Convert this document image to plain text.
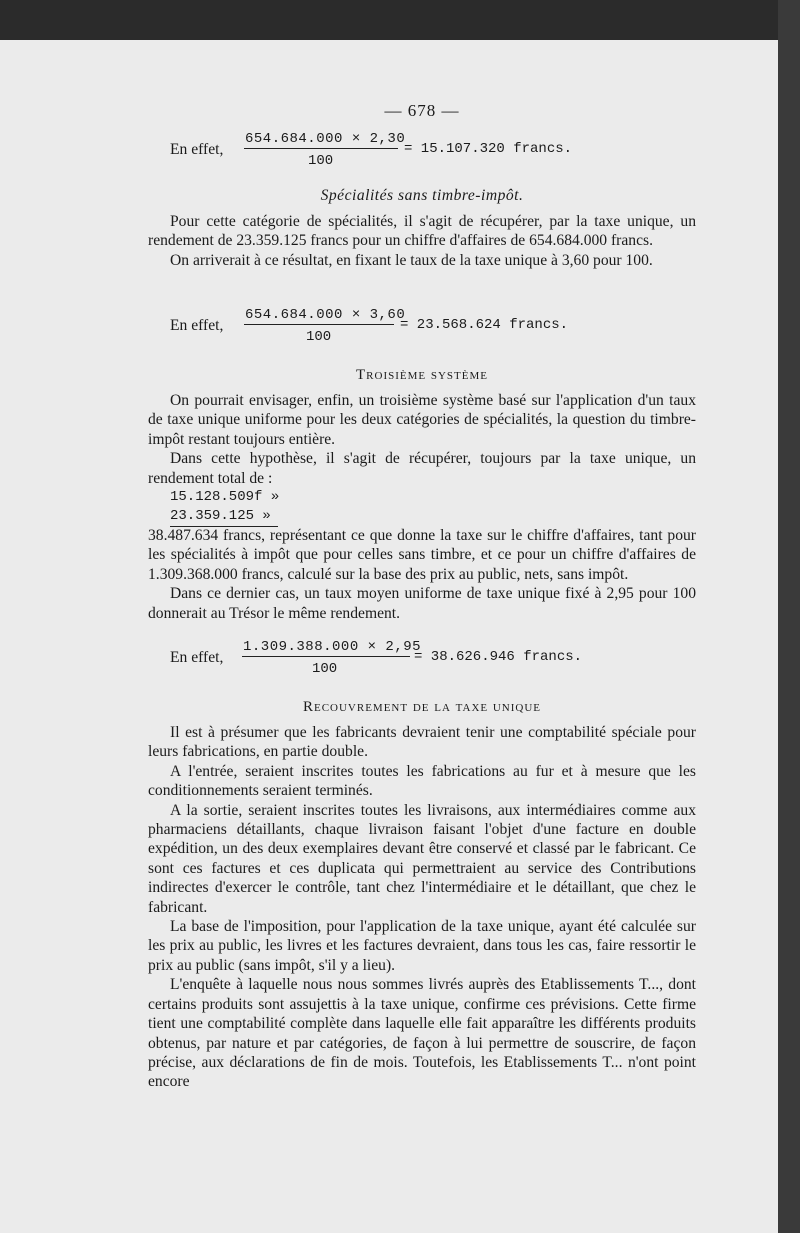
— 678 —
En effet,
654.684.000 × 2,30
100
= 15.107.320 francs.

Spécialités sans timbre-impôt.

Pour cette catégorie de spécialités, il s'agit de récupérer, par la taxe unique, un rendement de 23.359.125 francs pour un chiffre d'affaires de 654.684.000 francs.

On arriverait à ce résultat, en fixant le taux de la taxe unique à 3,60 pour 100.

En effet,
654.684.000 × 3,60
100
= 23.568.624 francs.

Troisième système

On pourrait envisager, enfin, un troisième système basé sur l'application d'un taux de taxe unique uniforme pour les deux catégories de spécialités, la question du timbre-impôt restant toujours entière.

Dans cette hypothèse, il s'agit de récupérer, toujours par la taxe unique, un rendement total de :

15.128.509f »
23.359.125 »

38.487.634 francs, représentant ce que donne la taxe sur le chiffre d'affaires, tant pour les spécialités à impôt que pour celles sans timbre, et ce pour un chiffre d'affaires de 1.309.368.000 francs, calculé sur la base des prix au public, nets, sans impôt.

Dans ce dernier cas, un taux moyen uniforme de taxe unique fixé à 2,95 pour 100 donnerait au Trésor le même rendement.

En effet,
1.309.388.000 × 2,95
100
= 38.626.946 francs.

Recouvrement de la taxe unique

Il est à présumer que les fabricants devraient tenir une comptabilité spéciale pour leurs fabrications, en partie double.

A l'entrée, seraient inscrites toutes les fabrications au fur et à mesure que les conditionnements seraient terminés.

A la sortie, seraient inscrites toutes les livraisons, aux intermédiaires comme aux pharmaciens détaillants, chaque livraison faisant l'objet d'une facture en double expédition, un des deux exemplaires devant être conservé et classé par le fabricant. Ce sont ces factures et ces duplicata qui permettraient au service des Contributions indirectes d'exercer le contrôle, tant chez l'intermédiaire et le détaillant, que chez le fabricant.

La base de l'imposition, pour l'application de la taxe unique, ayant été calculée sur les prix au public, les livres et les factures devraient, dans tous les cas, faire ressortir le prix au public (sans impôt, s'il y a lieu).

L'enquête à laquelle nous nous sommes livrés auprès des Etablissements T..., dont certains produits sont assujettis à la taxe unique, confirme ces prévisions. Cette firme tient une comptabilité complète dans laquelle elle fait apparaître les différents produits obtenus, par nature et par catégories, de façon à lui permettre de souscrire, de façon précise, aux déclarations de fin de mois. Toutefois, les Etablissements T... n'ont point encore
